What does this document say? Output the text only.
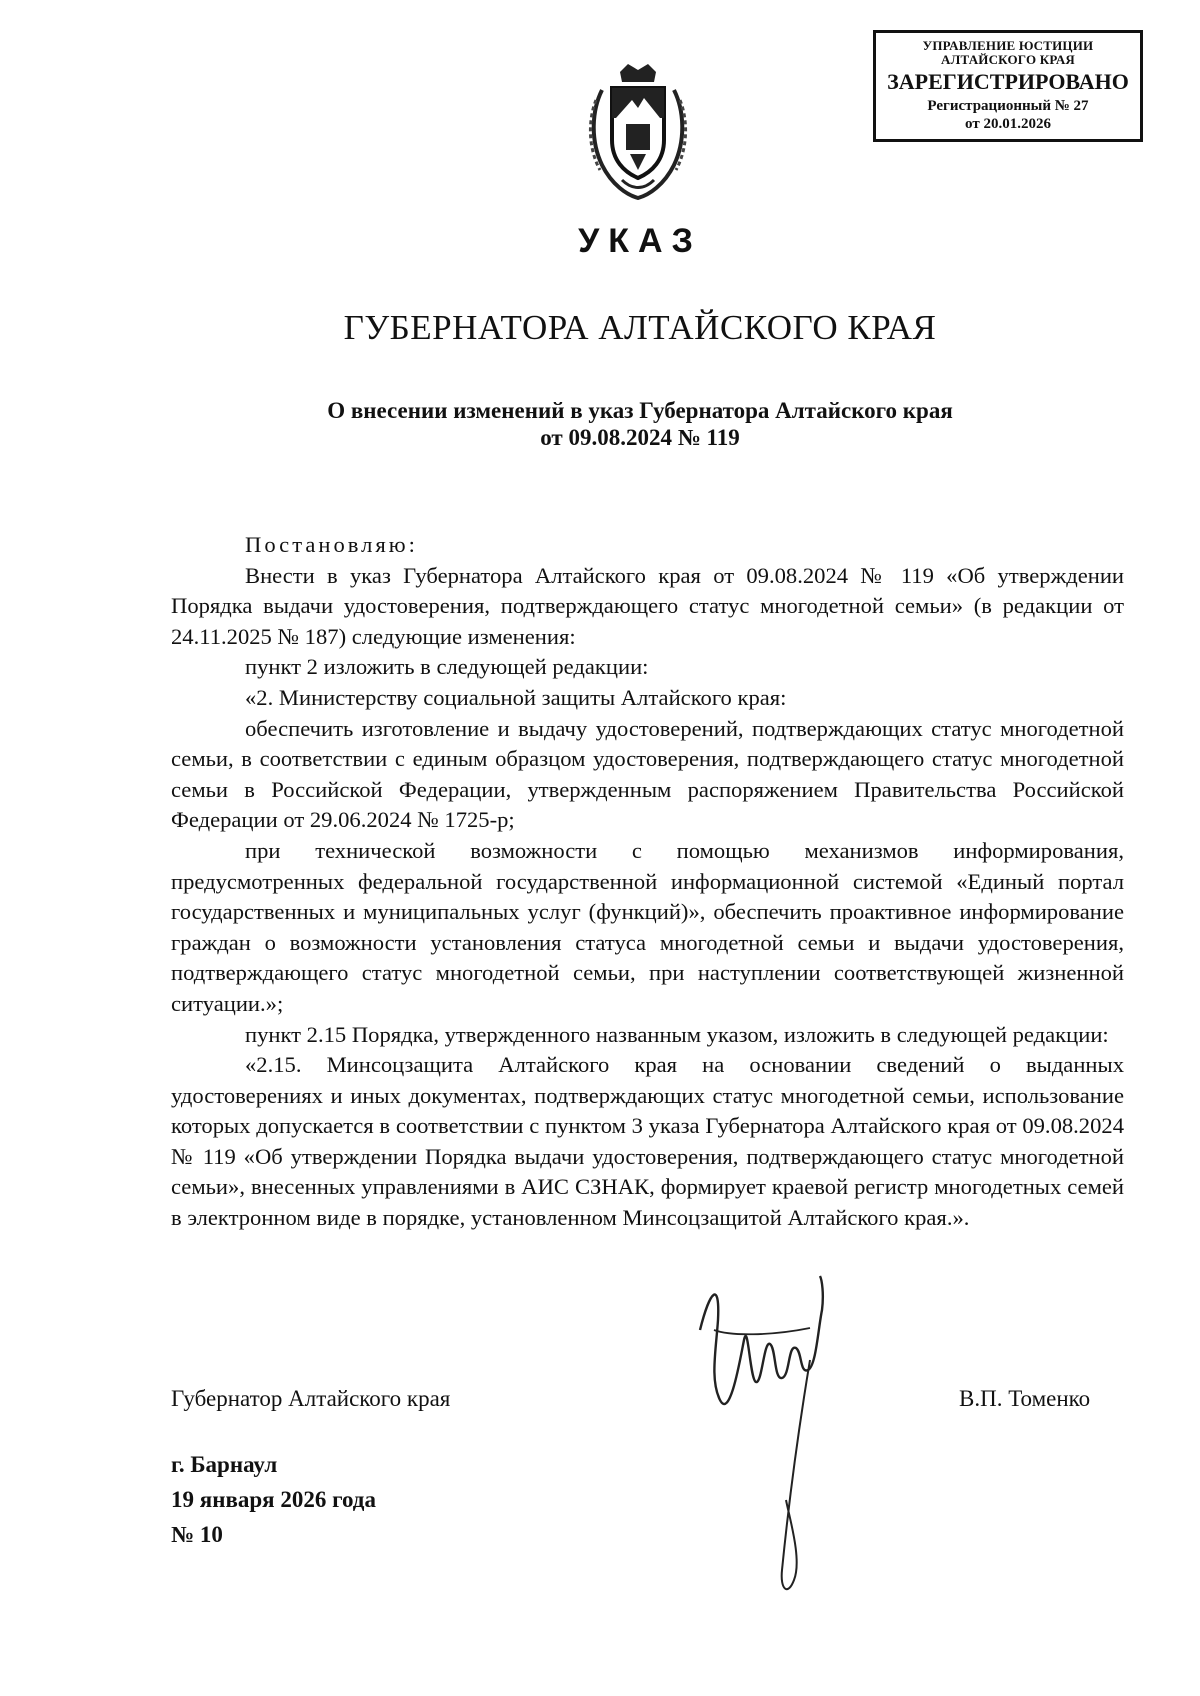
УПРАВЛЕНИЕ ЮСТИЦИИ
АЛТАЙСКОГО КРАЯ
ЗАРЕГИСТРИРОВАНО
Регистрационный № 27
от 20.01.2026
УКАЗ
ГУБЕРНАТОРА АЛТАЙСКОГО КРАЯ
О внесении изменений в указ Губернатора Алтайского края
от 09.08.2024 № 119

Постановляю:

Внести в указ Губернатора Алтайского края от 09.08.2024 № 119 «Об утверждении Порядка выдачи удостоверения, подтверждающего статус многодетной семьи» (в редакции от 24.11.2025 № 187) следующие изменения:

пункт 2 изложить в следующей редакции:

«2. Министерству социальной защиты Алтайского края:

обеспечить изготовление и выдачу удостоверений, подтверждающих статус многодетной семьи, в соответствии с единым образцом удостоверения, подтверждающего статус многодетной семьи в Российской Федерации, утвержденным распоряжением Правительства Российской Федерации от 29.06.2024 № 1725-р;

при технической возможности с помощью механизмов информирования, предусмотренных федеральной государственной информационной системой «Единый портал государственных и муниципальных услуг (функций)», обеспечить проактивное информирование граждан о возможности установления статуса многодетной семьи и выдачи удостоверения, подтверждающего статус многодетной семьи, при наступлении соответствующей жизненной ситуации.»;

пункт 2.15 Порядка, утвержденного названным указом, изложить в следующей редакции:

«2.15. Минсоцзащита Алтайского края на основании сведений о выданных удостоверениях и иных документах, подтверждающих статус многодетной семьи, использование которых допускается в соответствии с пунктом 3 указа Губернатора Алтайского края от 09.08.2024 № 119 «Об утверждении Порядка выдачи удостоверения, подтверждающего статус многодетной семьи», внесенных управлениями в АИС СЗНАК, формирует краевой регистр многодетных семей в электронном виде в порядке, установленном Минсоцзащитой Алтайского края.».

Губернатор Алтайского края	В.П. Томенко
г. Барнаул
19 января 2026 года
№ 10
